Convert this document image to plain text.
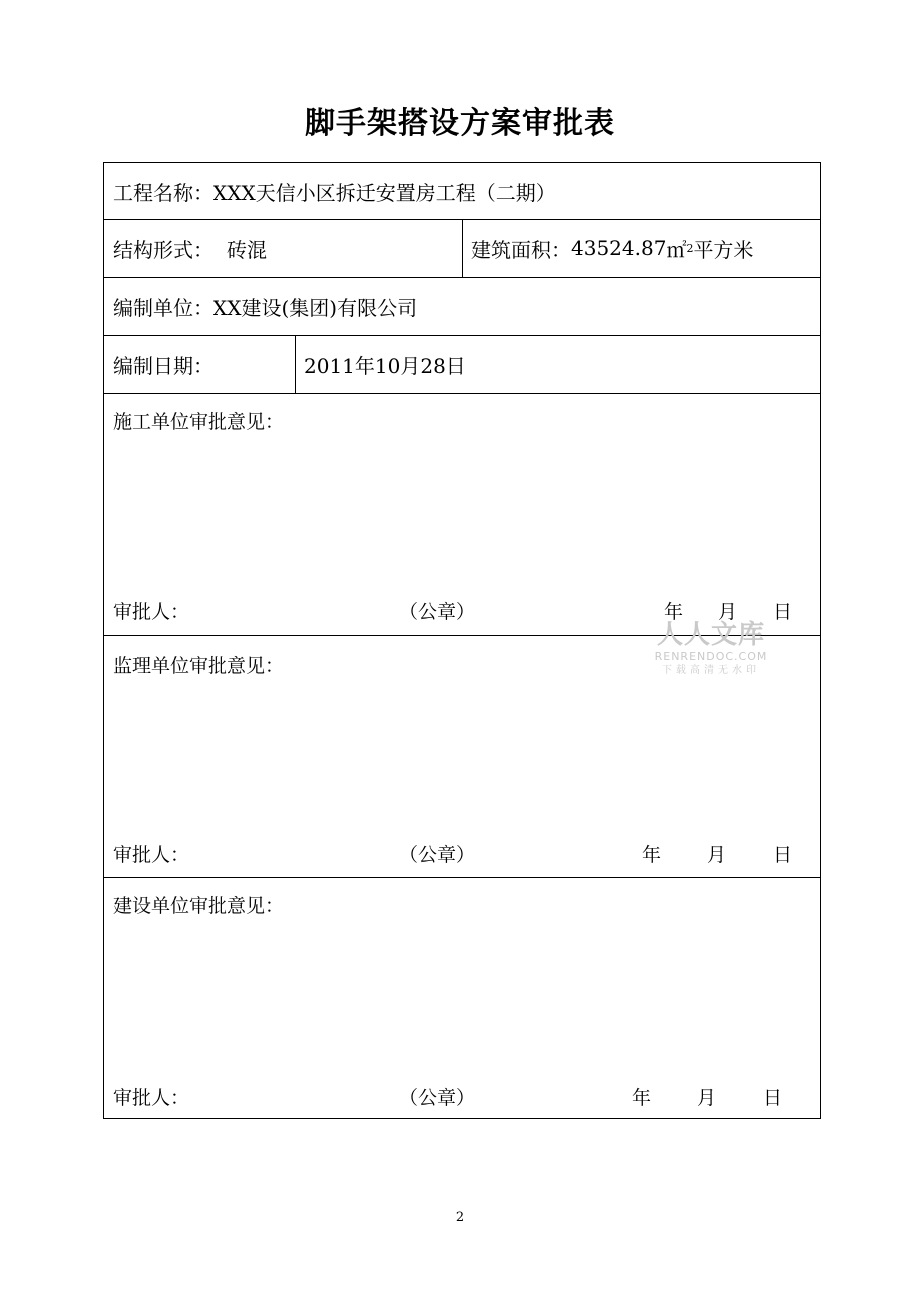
脚手架搭设方案审批表
工程名称： XXX天信小区拆迁安置房工程（二期）
结构形式： 砖混	建筑面积： 43524.87 ㎡ 2 平方米
编制单位： XX建设(集团)有限公司
编制日期：	2011年10月28日
施工单位审批意见：
审批人：	（公章）	年 月 日
监理单位审批意见：
审批人：	（公章）	年 月 日
建设单位审批意见：
审批人：	（公章）	年 月 日
人人文库
RENRENDOC.COM
下载高清无水印
2
